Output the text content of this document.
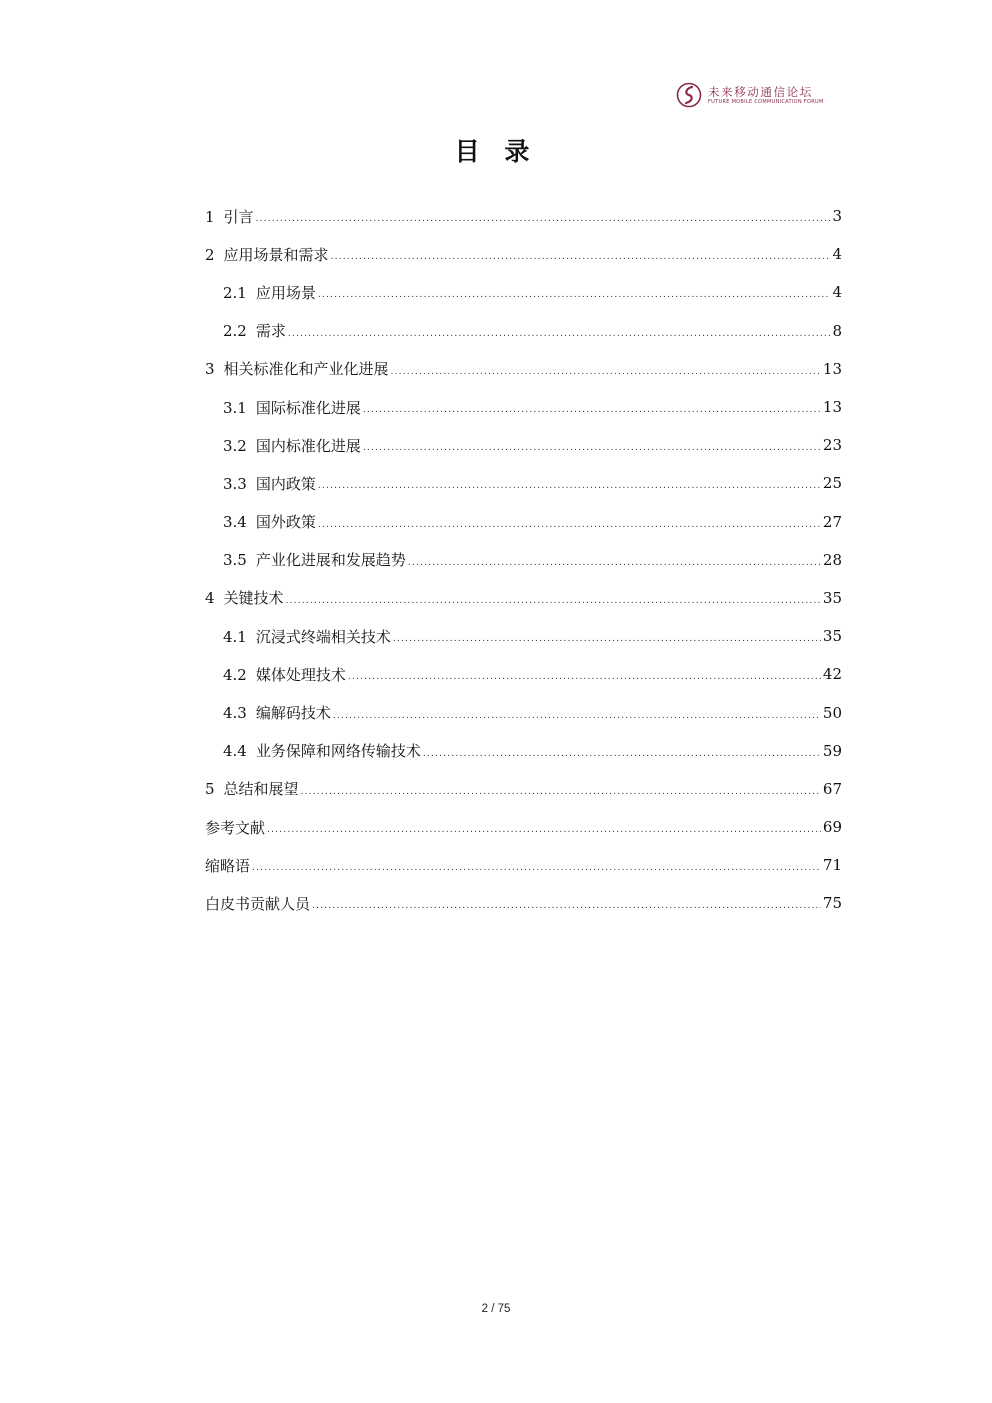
未来移动通信论坛
FUTURE MOBILE COMMUNICATION FORUM
目 录
1 引言 .....	3
2 应用场景和需求 .....	4
2.1 应用场景 .....	4
2.2 需求 .....	8
3 相关标准化和产业化进展 .....	13
3.1 国际标准化进展 .....	13
3.2 国内标准化进展 .....	23
3.3 国内政策 .....	25
3.4 国外政策 .....	27
3.5 产业化进展和发展趋势 .....	28
4 关键技术 .....	35
4.1 沉浸式终端相关技术 .....	35
4.2 媒体处理技术 .....	42
4.3 编解码技术 .....	50
4.4 业务保障和网络传输技术 .....	59
5 总结和展望 .....	67
参考文献 .....	69
缩略语 .....	71
白皮书贡献人员 .....	75
2 / 75
